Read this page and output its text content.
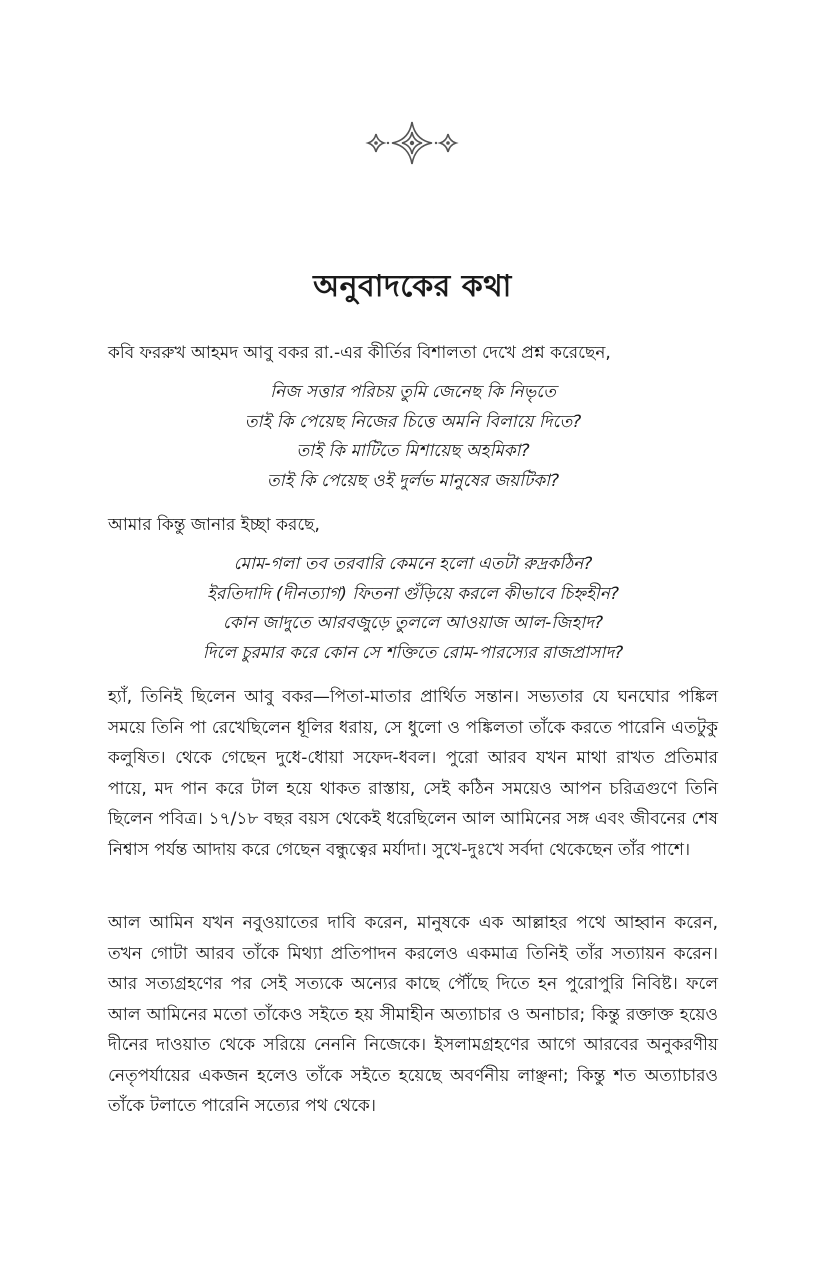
অনুবাদকের কথা

কবি ফররুখ আহমদ আবু বকর রা.-এর কীর্তির বিশালতা দেখে প্রশ্ন করেছেন,

নিজ সত্তার পরিচয় তুমি জেনেছ কি নিভৃতে
তাই কি পেয়েছ নিজের চিত্তে অমনি বিলায়ে দিতে?
তাই কি মাটিতে মিশায়েছ অহমিকা?
তাই কি পেয়েছ ওই দুর্লভ মানুষের জয়টিকা?

আমার কিন্তু জানার ইচ্ছা করছে,

মোম-গলা তব তরবারি কেমনে হলো এতটা রুদ্রকঠিন?
ইরতিদাদি (দীনত্যাগ) ফিতনা গুঁড়িয়ে করলে কীভাবে চিহ্নহীন?
কোন জাদুতে আরবজুড়ে তুললে আওয়াজ আল-জিহাদ?
দিলে চুরমার করে কোন সে শক্তিতে রোম-পারস্যের রাজপ্রাসাদ?

হ্যাঁ, তিনিই ছিলেন আবু বকর—পিতা-মাতার প্রার্থিত সন্তান। সভ্যতার যে ঘনঘোর পঙ্কিল সময়ে তিনি পা রেখেছিলেন ধূলির ধরায়, সে ধুলো ও পঙ্কিলতা তাঁকে করতে পারেনি এতটুকু কলুষিত। থেকে গেছেন দুধে-ধোয়া সফেদ-ধবল। পুরো আরব যখন মাথা রাখত প্রতিমার পায়ে, মদ পান করে টাল হয়ে থাকত রাস্তায়, সেই কঠিন সময়েও আপন চরিত্রগুণে তিনি ছিলেন পবিত্র। ১৭/১৮ বছর বয়স থেকেই ধরেছিলেন আল আমিনের সঙ্গ এবং জীবনের শেষ নিশ্বাস পর্যন্ত আদায় করে গেছেন বন্ধুত্বের মর্যাদা। সুখে-দুঃখে সর্বদা থেকেছেন তাঁর পাশে।

আল আমিন যখন নবুওয়াতের দাবি করেন, মানুষকে এক আল্লাহর পথে আহ্বান করেন, তখন গোটা আরব তাঁকে মিথ্যা প্রতিপাদন করলেও একমাত্র তিনিই তাঁর সত্যায়ন করেন। আর সত্যগ্রহণের পর সেই সত্যকে অন্যের কাছে পৌঁছে দিতে হন পুরোপুরি নিবিষ্ট। ফলে আল আমিনের মতো তাঁকেও সইতে হয় সীমাহীন অত্যাচার ও অনাচার; কিন্তু রক্তাক্ত হয়েও দীনের দাওয়াত থেকে সরিয়ে নেননি নিজেকে। ইসলামগ্রহণের আগে আরবের অনুকরণীয় নেতৃপর্যায়ের একজন হলেও তাঁকে সইতে হয়েছে অবর্ণনীয় লাঞ্ছনা; কিন্তু শত অত্যাচারও তাঁকে টলাতে পারেনি সত্যের পথ থেকে।
